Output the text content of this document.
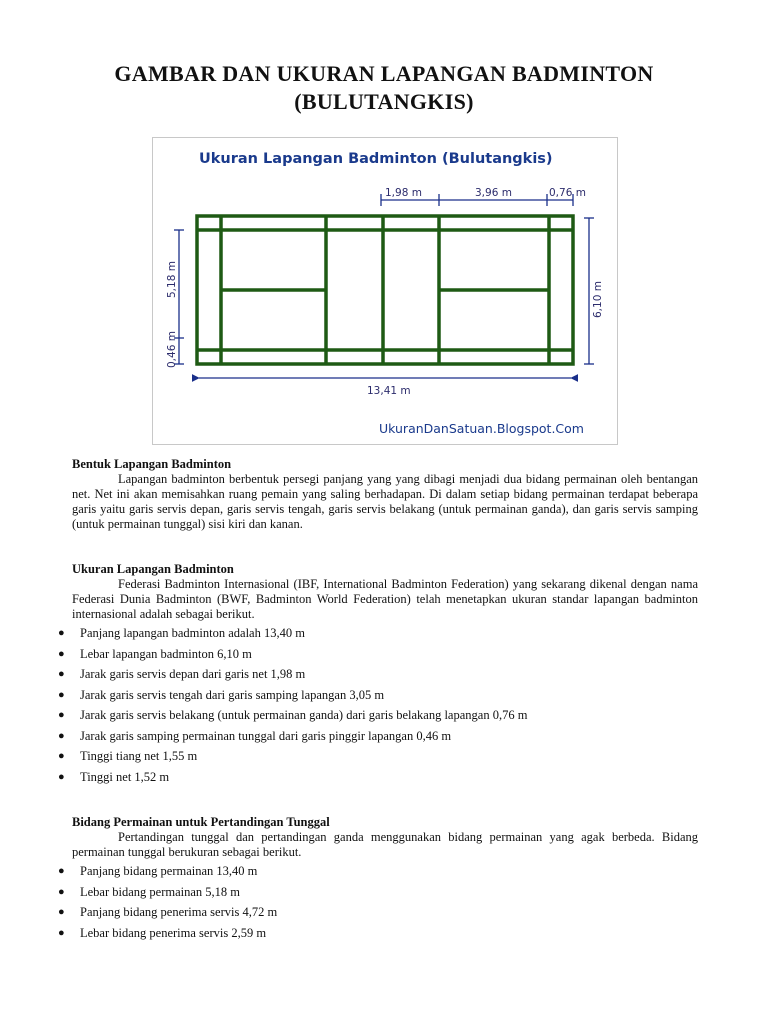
GAMBAR DAN UKURAN LAPANGAN BADMINTON
(BULUTANGKIS)
Ukuran Lapangan Badminton (Bulutangkis)
1,98 m	3,96 m	0,76 m
5,18 m
0,46 m
6,10 m
13,41 m
UkuranDanSatuan.Blogspot.Com

Bentuk Lapangan Badminton

Lapangan badminton berbentuk persegi panjang yang yang dibagi menjadi dua bidang permainan oleh bentangan net. Net ini akan memisahkan ruang pemain yang saling berhadapan. Di dalam setiap bidang permainan terdapat beberapa garis yaitu garis servis depan, garis servis tengah, garis servis belakang (untuk permainan ganda), dan garis servis samping (untuk permainan tunggal) sisi kiri dan kanan.

Ukuran Lapangan Badminton

Federasi Badminton Internasional (IBF, International Badminton Federation) yang sekarang dikenal dengan nama Federasi Dunia Badminton (BWF, Badminton World Federation) telah menetapkan ukuran standar lapangan badminton internasional adalah sebagai berikut.

● Panjang lapangan badminton adalah 13,40 m
● Lebar lapangan badminton 6,10 m
● Jarak garis servis depan dari garis net 1,98 m
● Jarak garis servis tengah dari garis samping lapangan 3,05 m
● Jarak garis servis belakang (untuk permainan ganda) dari garis belakang lapangan 0,76 m
● Jarak garis samping permainan tunggal dari garis pinggir lapangan 0,46 m
● Tinggi tiang net 1,55 m
● Tinggi net 1,52 m

Bidang Permainan untuk Pertandingan Tunggal

Pertandingan tunggal dan pertandingan ganda menggunakan bidang permainan yang agak berbeda. Bidang permainan tunggal berukuran sebagai berikut.

● Panjang bidang permainan 13,40 m
● Lebar bidang permainan 5,18 m
● Panjang bidang penerima servis 4,72 m
● Lebar bidang penerima servis 2,59 m
